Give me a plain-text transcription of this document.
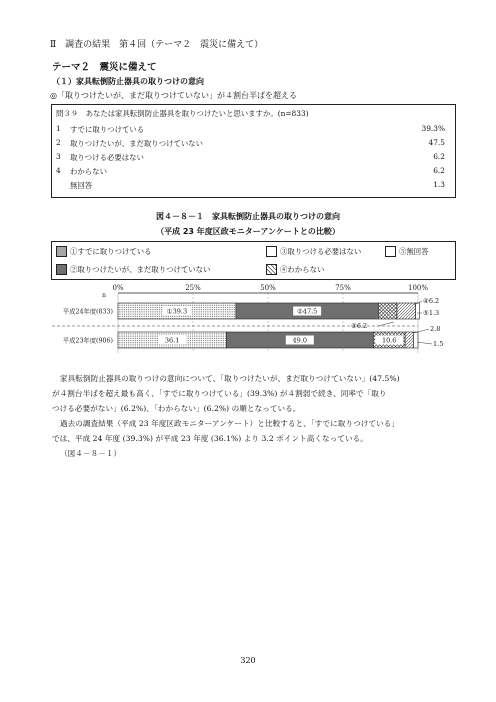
Ⅱ　調査の結果　第４回（テーマ２　震災に備えて）
テーマ２　震災に備えて
（１）家具転倒防止器具の取りつけの意向
◎「取りつけたいが、まだ取りつけていない」が４割台半ばを超える
問３９　あなたは家具転倒防止器具を取りつけたいと思いますか。(n=833)
1 すでに取りつけている	39.3%
2 取りつけたいが、まだ取りつけていない	47.5
3 取りつける必要はない	6.2
4 わからない	6.2
無回答	1.3
図４－８－１　家具転倒防止器具の取りつけの意向
（平成 23 年度区政モニターアンケートとの比較）
①すでに取りつけている	③取りつける必要はない	⑤無回答
②取りつけたいが、まだ取りつけていない	④わからない
n
0%	25%	50%	75%	100%
平成24年度(833)
平成23年度(906)
①39.3	②47.5
36.1	49.0	10.6
④6.2
⑤1.3
③6.2	2.8
1.5
家具転倒防止器具の取りつけの意向について、「取りつけたいが、まだ取りつけていない」(47.5%)
が４割台半ばを超え最も高く、「すでに取りつけている」(39.3%) が４割弱で続き、同率で「取り
つける必要がない」(6.2%)、「わからない」(6.2%) の順となっている。
過去の調査結果（平成 23 年度区政モニターアンケート）と比較すると、「すでに取りつけている」
では、平成 24 年度 (39.3%) が平成 23 年度 (36.1%) より 3.2 ポイント高くなっている。
（図４－８－１）
320
